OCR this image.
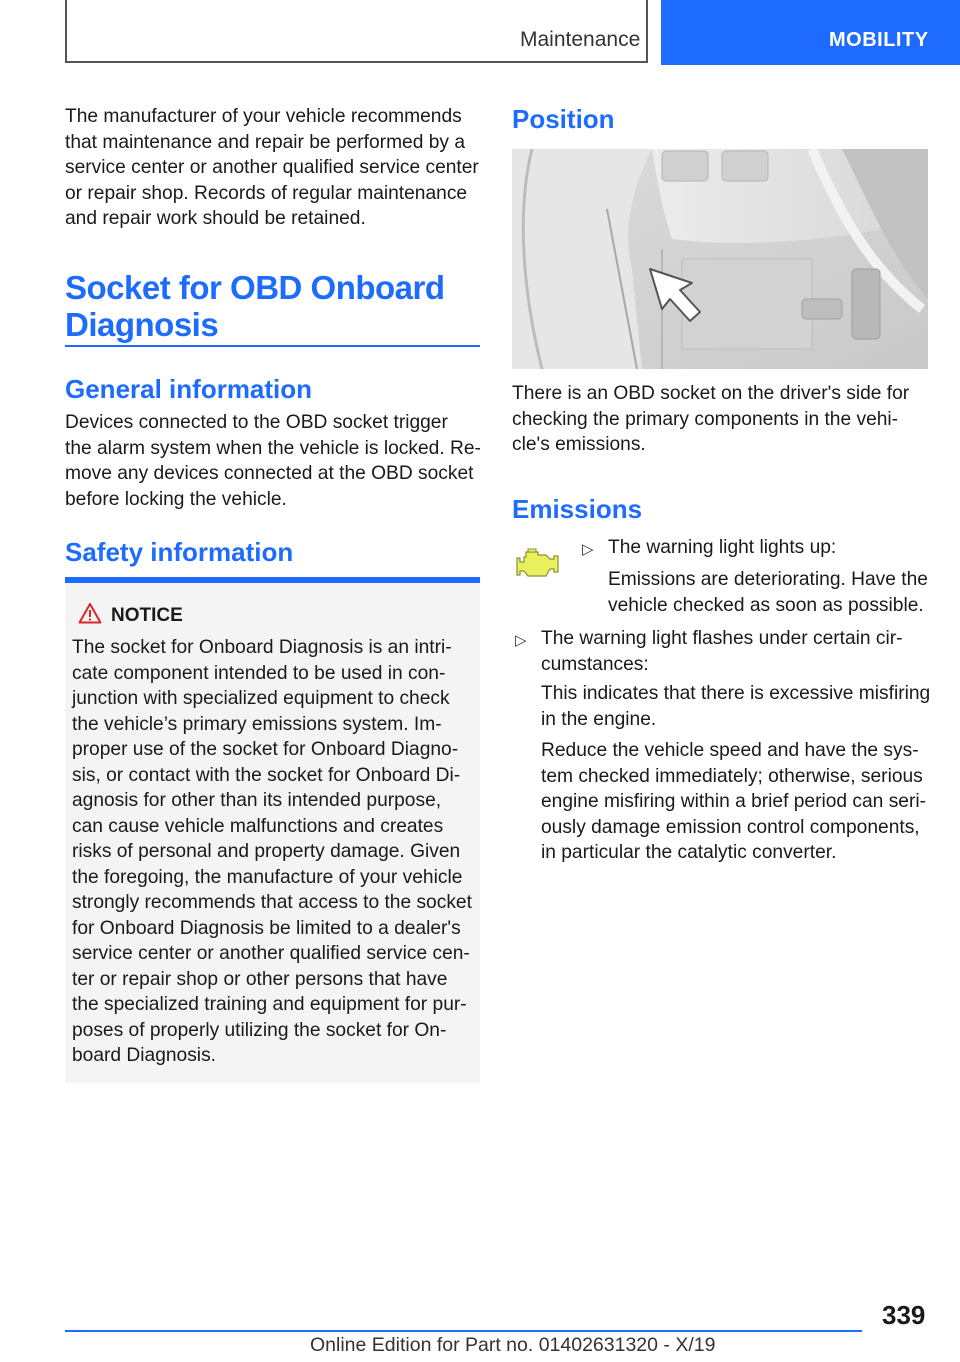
Maintenance	MOBILITY

The manufacturer of your vehicle recommends

that maintenance and repair be performed by a

service center or another qualified service center

or repair shop. Records of regular maintenance

and repair work should be retained.

Socket for OBD Onboard

Diagnosis

General information

Devices connected to the OBD socket trigger

the alarm system when the vehicle is locked. Re-

move any devices connected at the OBD socket

before locking the vehicle.

Safety information
NOTICE

The socket for Onboard Diagnosis is an intri-

cate component intended to be used in con-

junction with specialized equipment to check

the vehicle’s primary emissions system. Im-

proper use of the socket for Onboard Diagno-

sis, or contact with the socket for Onboard Di-

agnosis for other than its intended purpose,

can cause vehicle malfunctions and creates

risks of personal and property damage. Given

the foregoing, the manufacture of your vehicle

strongly recommends that access to the socket

for Onboard Diagnosis be limited to a dealer's

service center or another qualified service cen-

ter or repair shop or other persons that have

the specialized training and equipment for pur-

poses of properly utilizing the socket for On-

board Diagnosis.

Position

There is an OBD socket on the driver's side for

checking the primary components in the vehi-

cle's emissions.

Emissions
▷ The warning light lights up:

Emissions are deteriorating. Have the

vehicle checked as soon as possible.

▷ The warning light flashes under certain cir-

cumstances:

This indicates that there is excessive misfiring

in the engine.

Reduce the vehicle speed and have the sys-

tem checked immediately; otherwise, serious

engine misfiring within a brief period can seri-

ously damage emission control components,

in particular the catalytic converter.

339
Online Edition for Part no. 01402631320 - X/19
